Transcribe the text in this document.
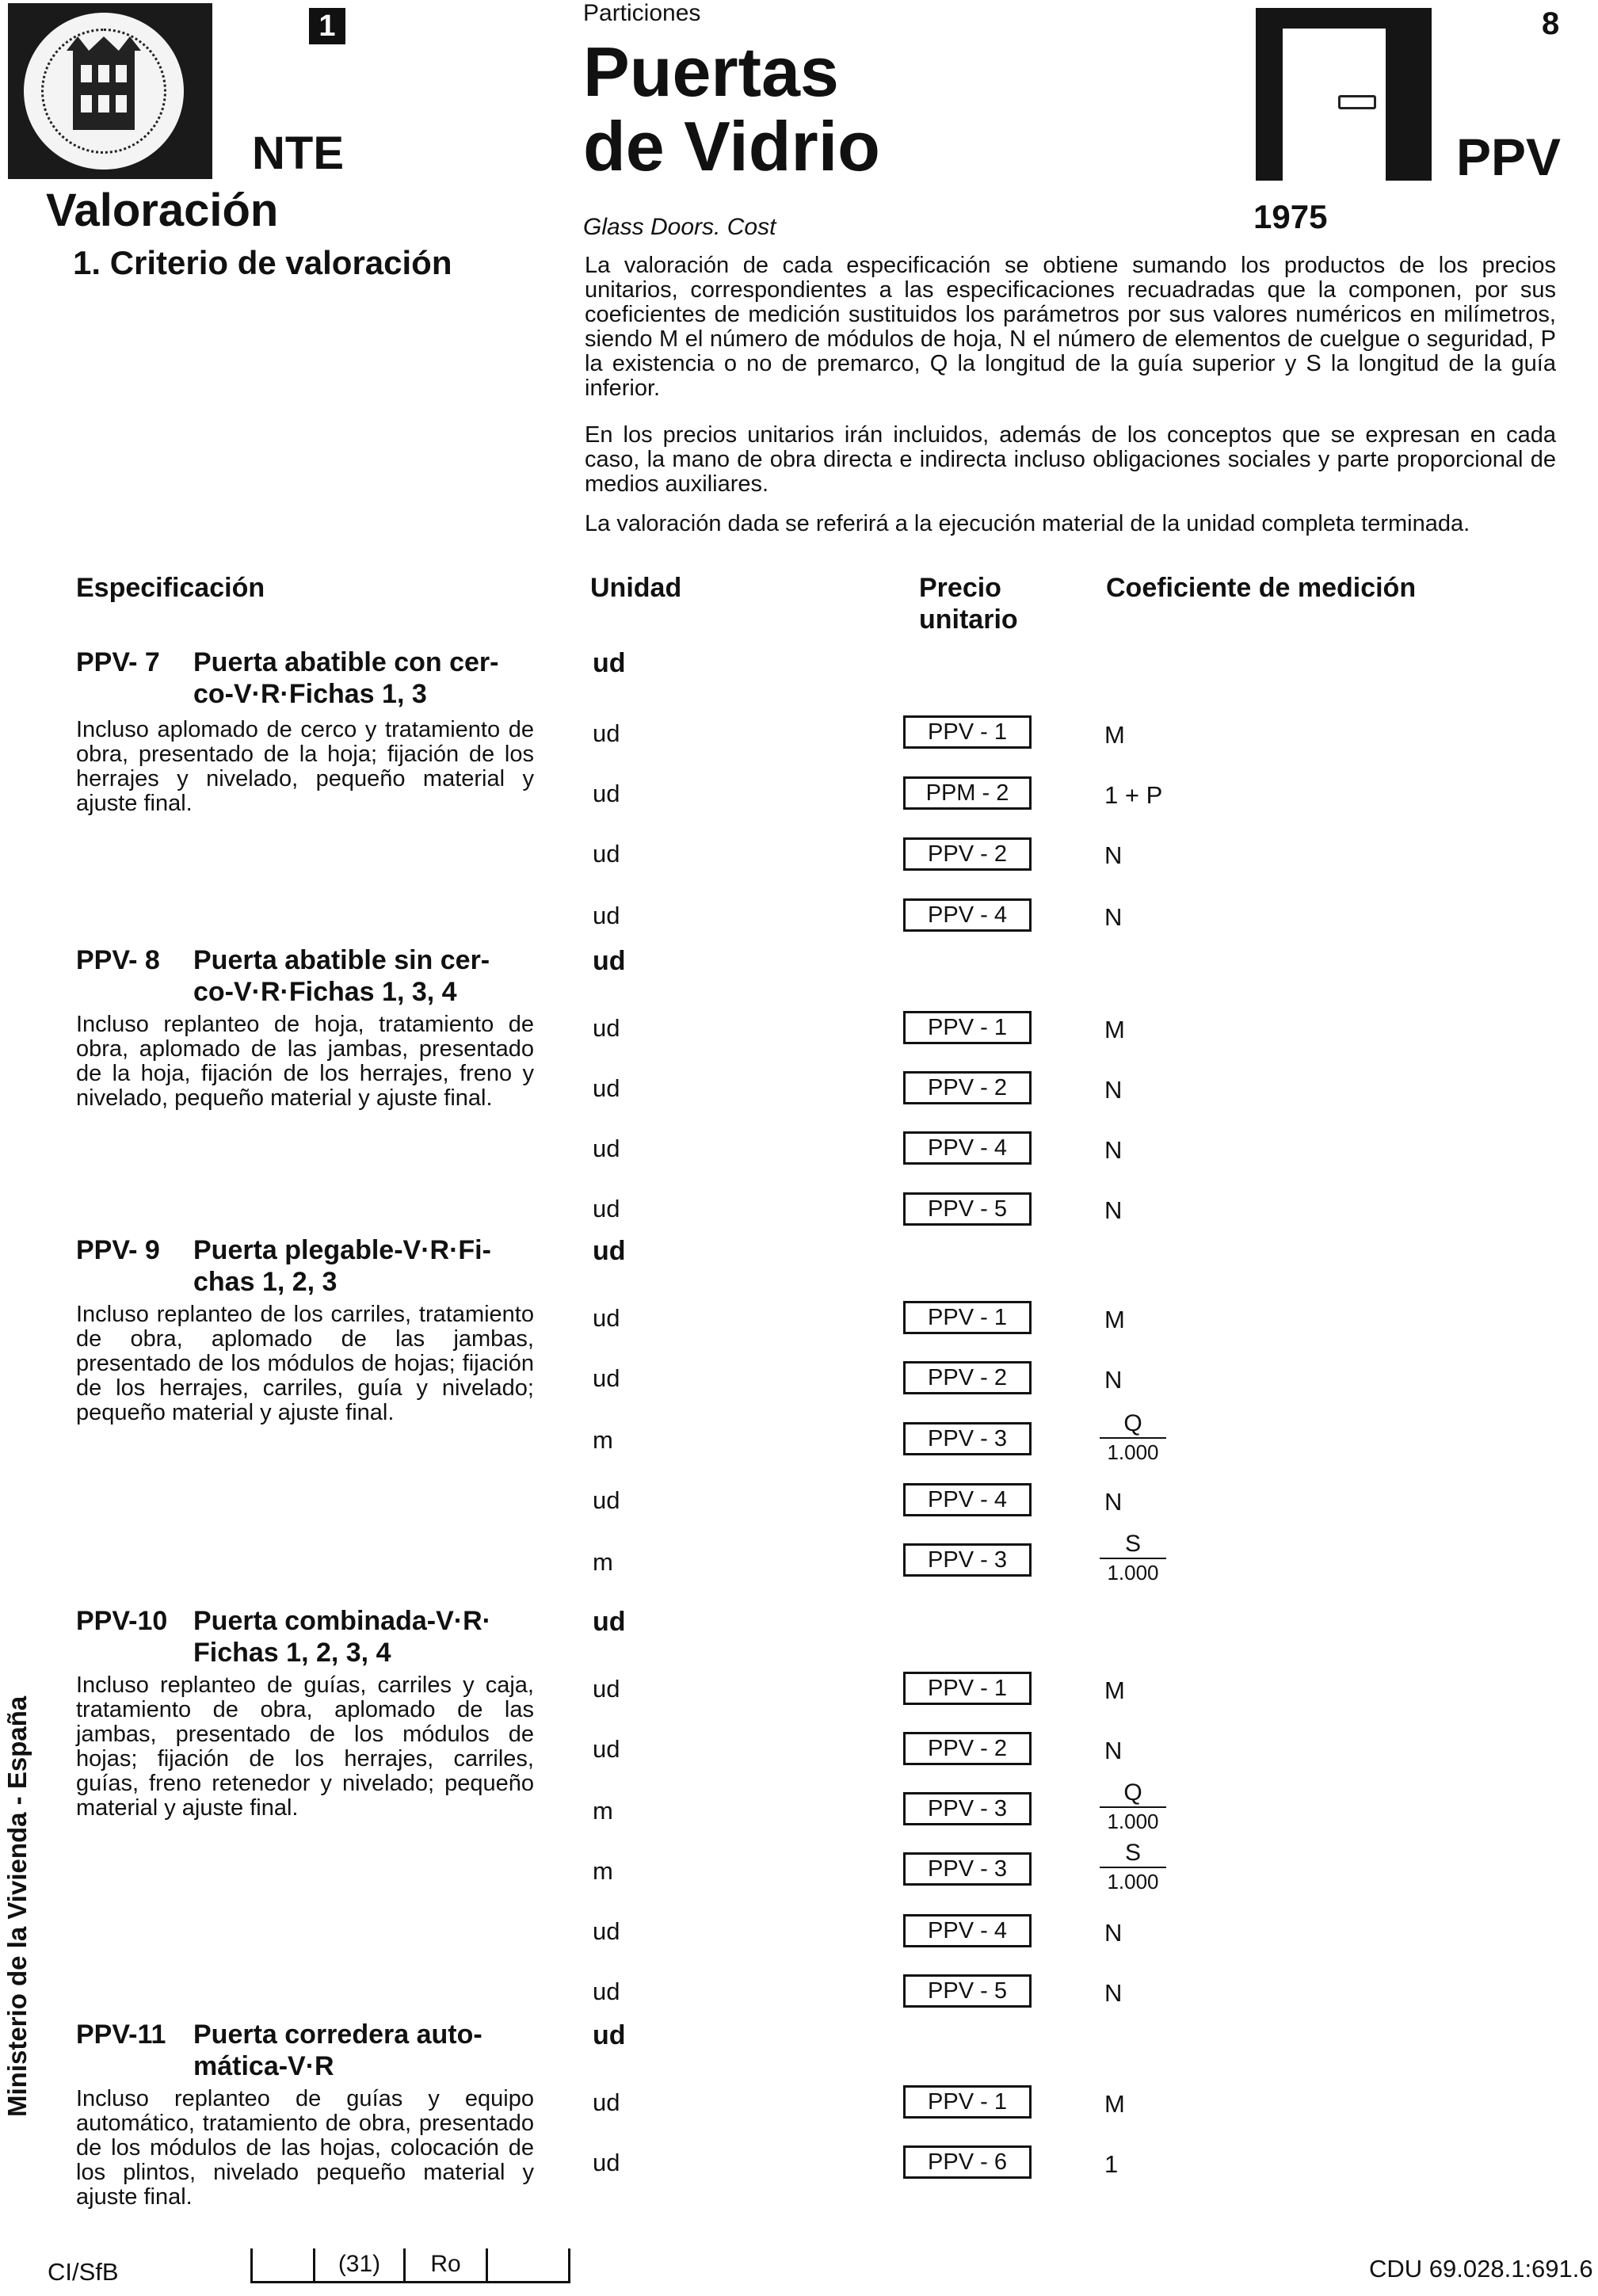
1
NTE
Particiones
Puertas
de Vidrio
Glass Doors. Cost
8
PPV
1975
Valoración
1. Criterio de valoración	La valoración de cada especificación se obtiene sumando los productos de los precios unitarios, correspondientes a las especificaciones recuadradas que la componen, por sus coeficientes de medición sustituidos los parámetros por sus valores numéricos en milímetros, siendo M el número de módulos de hoja, N el número de elementos de cuelgue o seguridad, P la existencia o no de premarco, Q la longitud de la guía superior y S la longitud de la guía inferior.
En los precios unitarios irán incluidos, además de los conceptos que se expresan en cada caso, la mano de obra directa e indirecta incluso obligaciones sociales y parte proporcional de medios auxiliares.
La valoración dada se referirá a la ejecución material de la unidad completa terminada.
Especificación	Unidad	Precio
unitario
Coeficiente de medición
PPV- 7 Puerta abatible con cer-
co-V·R·Fichas 1, 3
ud
Incluso aplomado de cerco y tratamiento de obra, presentado de la hoja; fijación de los herrajes y nivelado, pequeño material y ajuste final.
ud	PPV - 1	M
ud	PPM - 2	1 + P
ud	PPV - 2	N
ud	PPV - 4	N
PPV- 8 Puerta abatible sin cer-
co-V·R·Fichas 1, 3, 4
ud
Incluso replanteo de hoja, tratamiento de obra, aplomado de las jambas, presentado de la hoja, fijación de los herrajes, freno y nivelado, pequeño material y ajuste final.
ud	PPV - 1	M
ud	PPV - 2	N
ud	PPV - 4	N
ud	PPV - 5	N
PPV- 9 Puerta plegable-V·R·Fi-
chas 1, 2, 3
ud
Incluso replanteo de los carriles, tratamiento de obra, aplomado de las jambas, presentado de los módulos de hojas; fijación de los herrajes, carriles, guía y nivelado; pequeño material y ajuste final.
ud	PPV - 1	M
ud	PPV - 2	N
m	PPV - 3	$\frac{Q}{1.000}$
ud	PPV - 4	N
m	PPV - 3	$\frac{S}{1.000}$
PPV-10 Puerta combinada-V·R·
Fichas 1, 2, 3, 4
ud
Incluso replanteo de guías, carriles y caja, tratamiento de obra, aplomado de las jambas, presentado de los módulos de hojas; fijación de los herrajes, carriles, guías, freno retenedor y nivelado; pequeño material y ajuste final.
ud	PPV - 1	M
ud	PPV - 2	N
m	PPV - 3	$\frac{Q}{1.000}$
m	PPV - 3	$\frac{S}{1.000}$
ud	PPV - 4	N
ud	PPV - 5	N
PPV-11 Puerta corredera auto-
mática-V·R
ud
Incluso replanteo de guías y equipo automático, tratamiento de obra, presentado de los módulos de las hojas, colocación de los plintos, nivelado pequeño material y ajuste final.
ud	PPV - 1	M
ud	PPV - 6	1
Ministerio de la Vivienda - España
CI/SfB	(31)	Ro	CDU 69.028.1:691.6
